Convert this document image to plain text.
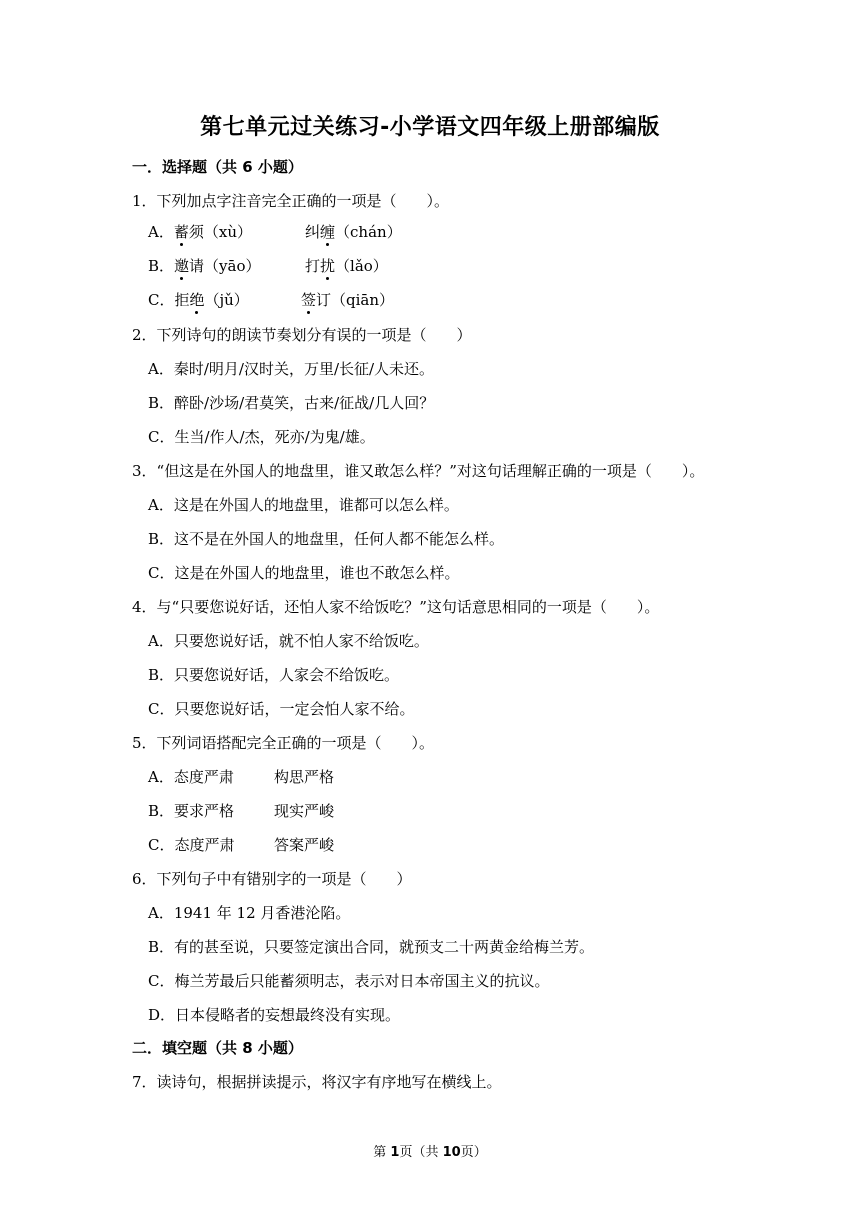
第七单元过关练习-小学语文四年级上册部编版
一．选择题（共 6 小题）
1．下列加点字注音完全正确的一项是（　　）。
A．蓄须（xù）	纠缠（chán）
B．邀请（yāo）	打扰（lǎo）
C．拒绝（jǔ）	签订（qiān）
2．下列诗句的朗读节奏划分有误的一项是（　　）
A．秦时/明月/汉时关，万里/长征/人未还。
B．醉卧/沙场/君莫笑，古来/征战/几人回？
C．生当/作人/杰，死亦/为鬼/雄。
3．“但这是在外国人的地盘里，谁又敢怎么样？”对这句话理解正确的一项是（　　）。
A．这是在外国人的地盘里，谁都可以怎么样。
B．这不是在外国人的地盘里，任何人都不能怎么样。
C．这是在外国人的地盘里，谁也不敢怎么样。
4．与“只要您说好话，还怕人家不给饭吃？”这句话意思相同的一项是（　　）。
A．只要您说好话，就不怕人家不给饭吃。
B．只要您说好话，人家会不给饭吃。
C．只要您说好话，一定会怕人家不给。
5．下列词语搭配完全正确的一项是（　　）。
A．态度严肃	构思严格
B．要求严格	现实严峻
C．态度严肃	答案严峻
6．下列句子中有错别字的一项是（　　）
A．1941 年 12 月香港沦陷。
B．有的甚至说，只要签定演出合同，就预支二十两黄金给梅兰芳。
C．梅兰芳最后只能蓄须明志，表示对日本帝国主义的抗议。
D．日本侵略者的妄想最终没有实现。
二．填空题（共 8 小题）
7．读诗句，根据拼读提示，将汉字有序地写在横线上。
第 1页（共 10页）
